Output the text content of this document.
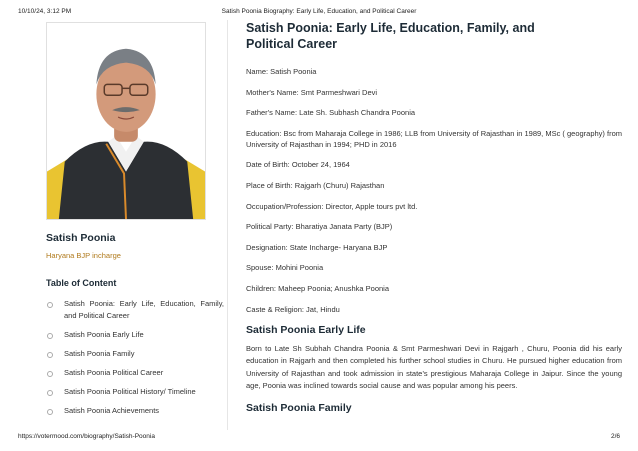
10/10/24, 3:12 PM	Satish Poonia Biography: Early Life, Education, and Political Career
Satish Poonia
Haryana BJP incharge
Table of Content
Satish Poonia: Early Life, Education, Family, and Political Career
Satish Poonia Early Life
Satish Poonia Family
Satish Poonia Political Career
Satish Poonia Political History/ Timeline
Satish Poonia Achievements
Satish Poonia: Early Life, Education, Family, and Political Career

Name: Satish Poonia

Mother's Name: Smt Parmeshwari Devi

Father's Name: Late Sh. Subhash Chandra Poonia

Education: Bsc from Maharaja College in 1986; LLB from University of Rajasthan in 1989, MSc ( geography) from University of Rajasthan in 1994; PHD in 2016

Date of Birth: October 24, 1964

Place of Birth: Rajgarh (Churu) Rajasthan

Occupation/Profession: Director, Apple tours pvt ltd.

Political Party: Bharatiya Janata Party (BJP)

Designation: State Incharge- Haryana BJP

Spouse: Mohini Poonia

Children: Maheep Poonia; Anushka Poonia

Caste & Religion: Jat, Hindu

Satish Poonia Early Life

Born to Late Sh Subhah Chandra Poonia & Smt Parmeshwari Devi in Rajgarh , Churu, Poonia did his early education in Rajgarh and then completed his further school studies in Churu. He pursued higher education from University of Rajasthan and took admission in state’s prestigious Maharaja College in Jaipur. Since the young age, Poonia was inclined towards social cause and was popular among his peers.

Satish Poonia Family
https://votermood.com/biography/Satish-Poonia	2/6
